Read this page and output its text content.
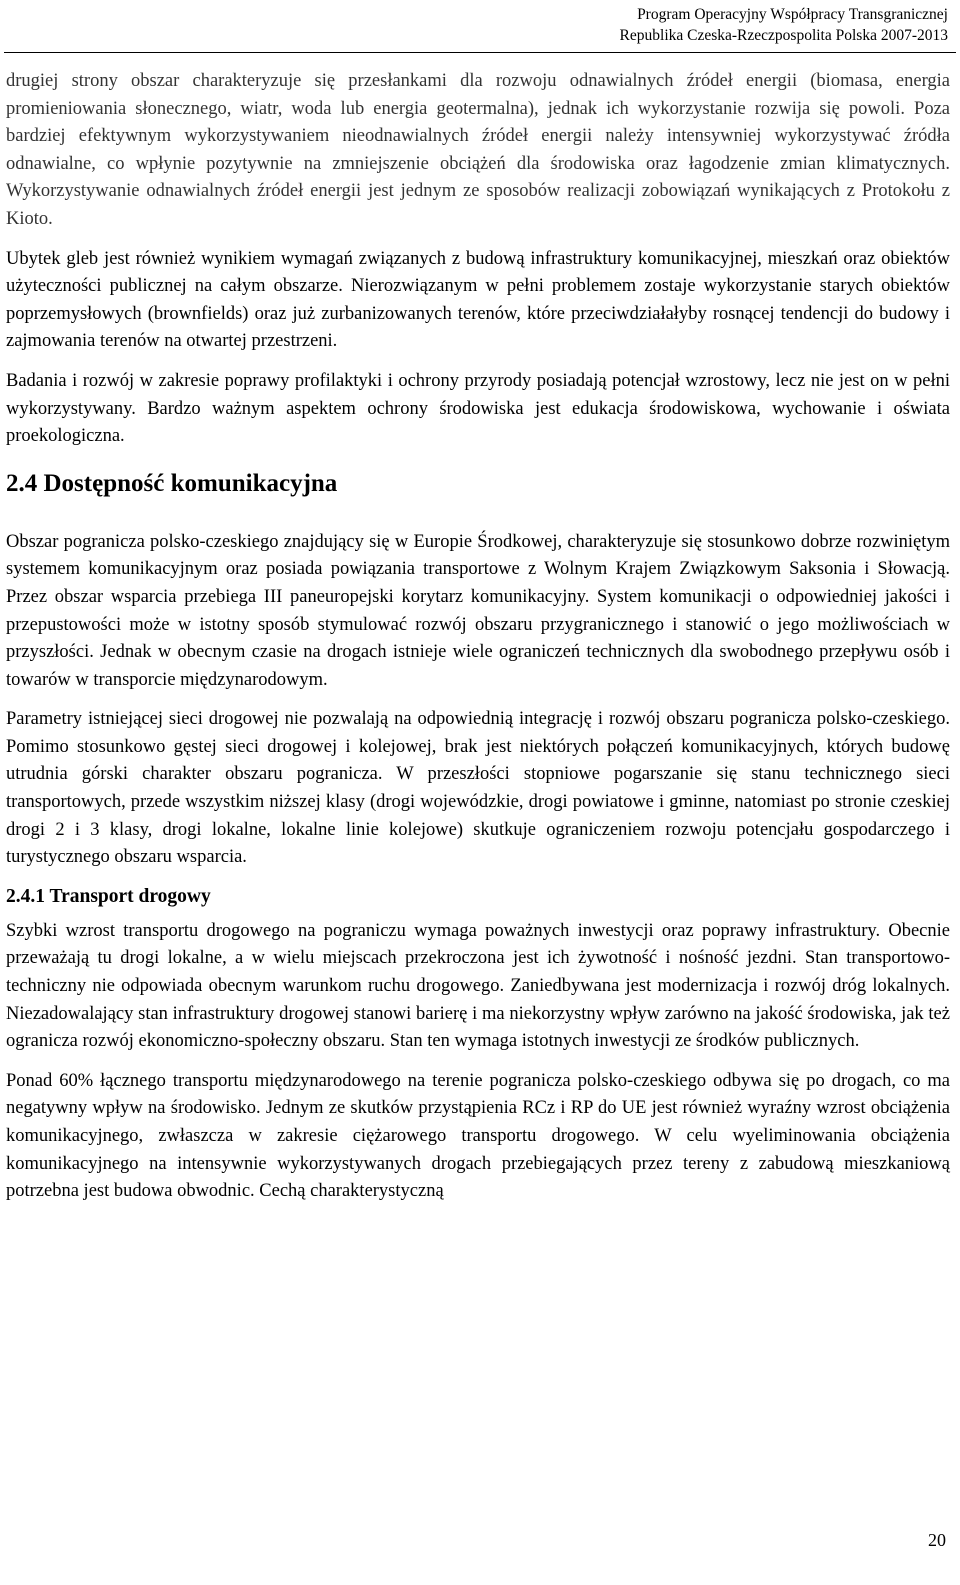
Program Operacyjny Współpracy Transgranicznej
Republika Czeska-Rzeczpospolita Polska 2007-2013

drugiej strony obszar charakteryzuje się przesłankami dla rozwoju odnawialnych źródeł energii (biomasa, energia promieniowania słonecznego, wiatr, woda lub energia geotermalna), jednak ich wykorzystanie rozwija się powoli. Poza bardziej efektywnym wykorzystywaniem nieodnawialnych źródeł energii należy intensywniej wykorzystywać źródła odnawialne, co wpłynie pozytywnie na zmniejszenie obciążeń dla środowiska oraz łagodzenie zmian klimatycznych. Wykorzystywanie odnawialnych źródeł energii jest jednym ze sposobów realizacji zobowiązań wynikających z Protokołu z Kioto.

Ubytek gleb jest również wynikiem wymagań związanych z budową infrastruktury komunikacyjnej, mieszkań oraz obiektów użyteczności publicznej na całym obszarze. Nierozwiązanym w pełni problemem zostaje wykorzystanie starych obiektów poprzemysłowych (brownfields) oraz już zurbanizowanych terenów, które przeciwdziałałyby rosnącej tendencji do budowy i zajmowania terenów na otwartej przestrzeni.

Badania i rozwój w zakresie poprawy profilaktyki i ochrony przyrody posiadają potencjał wzrostowy, lecz nie jest on w pełni wykorzystywany. Bardzo ważnym aspektem ochrony środowiska jest edukacja środowiskowa, wychowanie i oświata proekologiczna.

2.4 Dostępność komunikacyjna

Obszar pogranicza polsko-czeskiego znajdujący się w Europie Środkowej, charakteryzuje się stosunkowo dobrze rozwiniętym systemem komunikacyjnym oraz posiada powiązania transportowe z Wolnym Krajem Związkowym Saksonia i Słowacją. Przez obszar wsparcia przebiega III paneuropejski korytarz komunikacyjny. System komunikacji o odpowiedniej jakości i przepustowości może w istotny sposób stymulować rozwój obszaru przygranicznego i stanowić o jego możliwościach w przyszłości. Jednak w obecnym czasie na drogach istnieje wiele ograniczeń technicznych dla swobodnego przepływu osób i towarów w transporcie międzynarodowym.

Parametry istniejącej sieci drogowej nie pozwalają na odpowiednią integrację i rozwój obszaru pogranicza polsko-czeskiego. Pomimo stosunkowo gęstej sieci drogowej i kolejowej, brak jest niektórych połączeń komunikacyjnych, których budowę utrudnia górski charakter obszaru pogranicza. W przeszłości stopniowe pogarszanie się stanu technicznego sieci transportowych, przede wszystkim niższej klasy (drogi wojewódzkie, drogi powiatowe i gminne, natomiast po stronie czeskiej drogi 2 i 3 klasy, drogi lokalne, lokalne linie kolejowe) skutkuje ograniczeniem rozwoju potencjału gospodarczego i turystycznego obszaru wsparcia.

2.4.1 Transport drogowy

Szybki wzrost transportu drogowego na pograniczu wymaga poważnych inwestycji oraz poprawy infrastruktury. Obecnie przeważają tu drogi lokalne, a w wielu miejscach przekroczona jest ich żywotność i nośność jezdni. Stan transportowo-techniczny nie odpowiada obecnym warunkom ruchu drogowego. Zaniedbywana jest modernizacja i rozwój dróg lokalnych. Niezadowalający stan infrastruktury drogowej stanowi barierę i ma niekorzystny wpływ zarówno na jakość środowiska, jak też ogranicza rozwój ekonomiczno-społeczny obszaru. Stan ten wymaga istotnych inwestycji ze środków publicznych.

Ponad 60% łącznego transportu międzynarodowego na terenie pogranicza polsko-czeskiego odbywa się po drogach, co ma negatywny wpływ na środowisko. Jednym ze skutków przystąpienia RCz i RP do UE jest również wyraźny wzrost obciążenia komunikacyjnego, zwłaszcza w zakresie ciężarowego transportu drogowego. W celu wyeliminowania obciążenia komunikacyjnego na intensywnie wykorzystywanych drogach przebiegających przez tereny z zabudową mieszkaniową potrzebna jest budowa obwodnic. Cechą charakterystyczną

20
